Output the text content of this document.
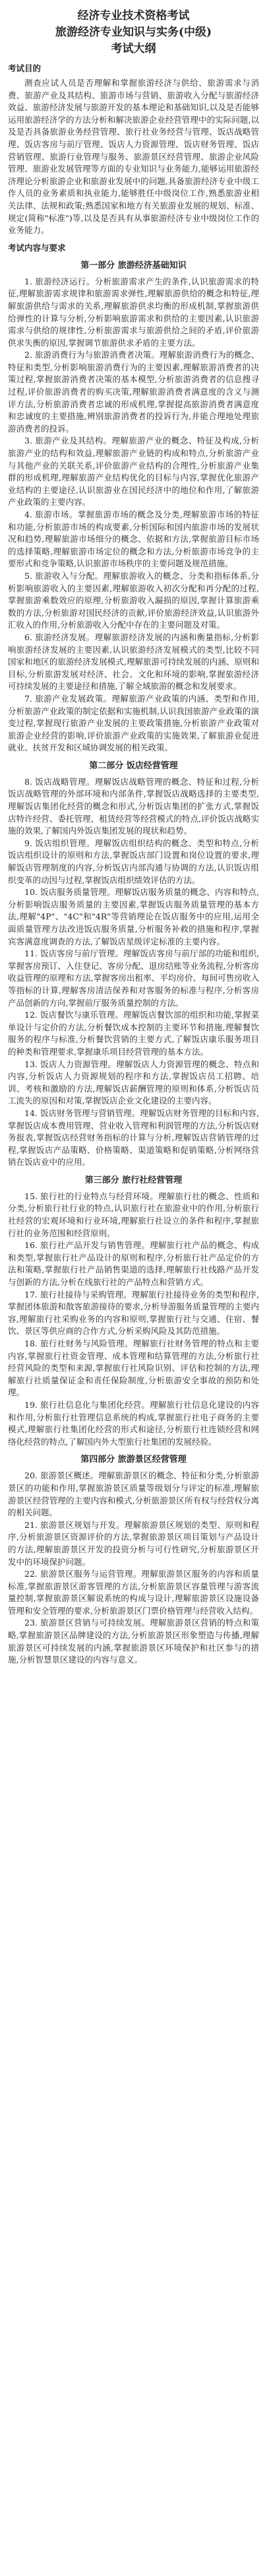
经济专业技术资格考试

旅游经济专业知识与实务(中级)

考试大纲

考试目的

测查应试人员是否理解和掌握旅游经济与供给、旅游需求与消费、旅游产业及其结构、旅游市场与营销、旅游收入分配与旅游经济效益、旅游经济发展与旅游开发的基本理论和基础知识,以及是否能够运用旅游经济学的方法分析和解决旅游企业经营管理中的实际问题,以及是否具备旅游业务经营管理、旅行社业务经营与管理、饭店战略管理、饭店客房与前厅管理、饭店人力资源管理、饭店财务管理、饭店营销管理、旅游行业管理与服务、旅游景区经营管理、旅游企业风险管理、旅游业发展管理等方面的专业知识与业务能力,能够运用旅游经济理论分析旅游企业和旅游业发展中的问题,具备旅游经济专业中级工作人员的业务素质和执业能力,能够胜任中级岗位工作,熟悉旅游业相关法律、法规和政策;熟悉国家和地方有关旅游业发展的规划、标准、规定(简称"标准")等,以及是否具有从事旅游经济专业中级岗位工作的业务能力。

考试内容与要求

第一部分 旅游经济基础知识

1. 旅游经济运行。分析旅游需求产生的条件,认识旅游需求的特征,理解旅游需求规律和旅游需求弹性,理解旅游供给的概念和特征,理解旅游供给与需求的关系,理解旅游供求均衡的形成机制,掌握旅游供给弹性的计算与分析,分析影响旅游需求和供给的主要因素,认识旅游需求与供给的规律性,分析旅游需求与旅游供给之间的矛盾,评价旅游供求失衡的原因,掌握调节旅游供求矛盾的主要方法。

2. 旅游消费行为与旅游消费者决策。理解旅游消费行为的概念、特征和类型,分析影响旅游消费行为的主要因素,理解旅游消费者的决策过程,掌握旅游消费者决策的基本模型,分析旅游消费者的信息搜寻过程,评价旅游消费者的购买决策,理解旅游消费者满意度的含义与测评方法,分析旅游消费者忠诚的形成机理,掌握提高旅游消费者满意度和忠诚度的主要措施,辨别旅游消费者的投诉行为,并能合理地处理旅游消费者的投诉。

3. 旅游产业及其结构。理解旅游产业的概念、特征及构成,分析旅游产业的结构和效益,理解旅游产业链的构成和特点,分析旅游产业与其他产业的关联关系,评价旅游产业结构的合理性,分析旅游产业集群的形成机理,理解旅游产业结构优化的目标与内容,掌握优化旅游产业结构的主要途径,认识旅游业在国民经济中的地位和作用,了解旅游产业政策的主要内容。

4. 旅游市场。掌握旅游市场的概念及分类,理解旅游市场的特征和功能,分析旅游市场的构成要素,分析国际和国内旅游市场的发展状况和趋势,理解旅游市场细分的概念、依据和方法,掌握旅游目标市场的选择策略,理解旅游市场定位的概念和方法,分析旅游市场竞争的主要形式和竞争策略,认识旅游市场秩序的主要问题及规范措施。

5. 旅游收入与分配。理解旅游收入的概念、分类和指标体系,分析影响旅游收入的主要因素,理解旅游收入初次分配和再分配的过程,掌握旅游乘数效应的原理,分析旅游收入漏损的原因,掌握计算旅游乘数的方法,分析旅游对国民经济的贡献,评价旅游经济效益,认识旅游外汇收入的作用,分析旅游收入分配中存在的主要问题及对策。

6. 旅游经济发展。理解旅游经济发展的内涵和衡量指标,分析影响旅游经济发展的主要因素,认识旅游经济发展模式的类型,比较不同国家和地区的旅游经济发展模式,理解旅游可持续发展的内涵、原则和目标,分析旅游发展对经济、社会、文化和环境的影响,掌握旅游经济可持续发展的主要途径和措施,了解全域旅游的概念和发展要求。

7. 旅游产业发展政策。理解旅游产业政策的内涵、类型和作用,分析旅游产业政策的制定依据和实施机制,认识我国旅游产业政策的演变过程,掌握现行旅游产业发展的主要政策措施,分析旅游产业政策对旅游企业经营的影响,评价旅游产业政策的实施效果,了解旅游业促进就业、扶贫开发和区域协调发展的相关政策。

第二部分 饭店经营管理

8. 饭店战略管理。理解饭店战略管理的概念、特征和过程,分析饭店战略管理的外部环境和内部条件,掌握饭店战略选择的主要类型,理解饭店集团化经营的概念和形式,分析饭店集团的扩张方式,掌握饭店特许经营、委托管理、租赁经营等经营模式的特点,评价饭店战略实施的效果,了解国内外饭店集团发展的现状和趋势。

9. 饭店组织管理。理解饭店组织结构的概念、类型和特点,分析饭店组织设计的原则和方法,掌握饭店部门设置和岗位设置的要求,理解饭店管理制度的内容,分析饭店内部沟通与协调的方法,认识饭店组织变革的动因与过程,掌握饭店组织绩效评估的方法。

10. 饭店服务质量管理。理解饭店服务质量的概念、内容和特点,分析影响饭店服务质量的主要因素,掌握饭店服务质量管理的基本方法,理解"4P"、"4C"和"4R"等营销理论在饭店服务中的应用,运用全面质量管理方法改进饭店服务质量,分析服务补救的措施和程序,掌握宾客满意度调查的方法,了解饭店星级评定标准的主要内容。

11. 饭店客房与前厅管理。理解饭店客房与前厅部的功能和组织,掌握客房预订、入住登记、客房分配、退房结账等业务流程,分析客房收益管理的原理和方法,掌握客房出租率、平均房价、每间可售房收入等指标的计算,理解客房清洁保养和对客服务的标准与程序,分析客房产品创新的方向,掌握前厅服务质量控制的方法。

12. 饭店餐饮与康乐管理。理解饭店餐饮部的组织和功能,掌握菜单设计与定价的方法,分析餐饮成本控制的主要环节和措施,理解餐饮服务的程序与标准,分析餐饮营销的主要方式,了解饭店康乐服务项目的种类和管理要求,掌握康乐项目经营管理的基本方法。

13. 饭店人力资源管理。理解饭店人力资源管理的概念、特点和内容,分析饭店人力资源规划的程序和方法,掌握饭店员工招聘、培训、考核和激励的方法,理解饭店薪酬管理的原则和体系,分析饭店员工流失的原因和对策,掌握饭店企业文化建设的主要内容。

14. 饭店财务管理与营销管理。理解饭店财务管理的目标和内容,掌握饭店成本费用管理、营业收入管理和利润管理的方法,分析饭店财务报表,掌握饭店经营财务指标的计算与分析,理解饭店营销管理的过程,掌握饭店产品策略、价格策略、渠道策略和促销策略,分析网络营销在饭店业中的应用。

第三部分 旅行社经营管理

15. 旅行社的行业特点与经营环境。理解旅行社的概念、性质和分类,分析旅行社行业的特点,认识旅行社在旅游业中的作用,分析旅行社经营的宏观环境和行业环境,理解旅行社设立的条件和程序,掌握旅行社的业务范围和经营原则。

16. 旅行社产品开发与销售管理。理解旅行社产品的概念、构成和类型,掌握旅行社产品设计的原则和程序,分析旅行社产品定价的方法和策略,掌握旅行社产品销售渠道的选择,理解旅行社线路产品开发与创新的方法,分析在线旅行社的产品特点和营销方式。

17. 旅行社接待与采购管理。理解旅行社接待业务的类型和程序,掌握团体旅游和散客旅游接待的要求,分析导游服务质量管理的主要内容,理解旅行社采购业务的内容和原则,掌握旅行社与交通、住宿、餐饮、景区等供应商的合作方式,分析采购风险及其防范措施。

18. 旅行社财务与风险管理。理解旅行社财务管理的特点和主要内容,掌握旅行社资金管理、成本管理和结算管理的方法,分析旅行社经营风险的类型和来源,掌握旅行社风险识别、评估和控制的方法,理解旅行社质量保证金和责任保险制度,分析旅游安全事故的预防和处理。

19. 旅行社信息化与集团化经营。理解旅行社信息化建设的内容和作用,分析旅行社管理信息系统的构成,掌握旅行社电子商务的主要模式,理解旅行社集团化经营的形式和途径,分析旅行社连锁经营和网络化经营的特点,了解国内外大型旅行社集团的发展经验。

第四部分 旅游景区经营管理

20. 旅游景区概述。理解旅游景区的概念、特征和分类,分析旅游景区的功能和作用,掌握旅游景区质量等级划分与评定的标准,理解旅游景区经营管理的主要内容和模式,分析旅游景区所有权与经营权分离的相关问题。

21. 旅游景区规划与开发。理解旅游景区规划的类型、原则和程序,分析旅游景区资源评价的方法,掌握旅游景区项目策划与产品设计的方法,理解旅游景区开发的投资分析与可行性研究,分析旅游景区开发中的环境保护问题。

22. 旅游景区服务与运营管理。理解旅游景区服务的内容和质量标准,掌握旅游景区游客管理的方法,分析旅游景区容量管理与游客流量控制,掌握旅游景区解说系统的构成与设计,理解旅游景区设施设备管理和安全管理的要求,分析旅游景区门票价格管理与经营收入结构。

23. 旅游景区营销与可持续发展。理解旅游景区营销的特点和策略,掌握旅游景区品牌建设的方法,分析旅游景区形象塑造与传播,理解旅游景区可持续发展的内涵,掌握旅游景区环境保护和社区参与的措施,分析智慧景区建设的内容与意义。
